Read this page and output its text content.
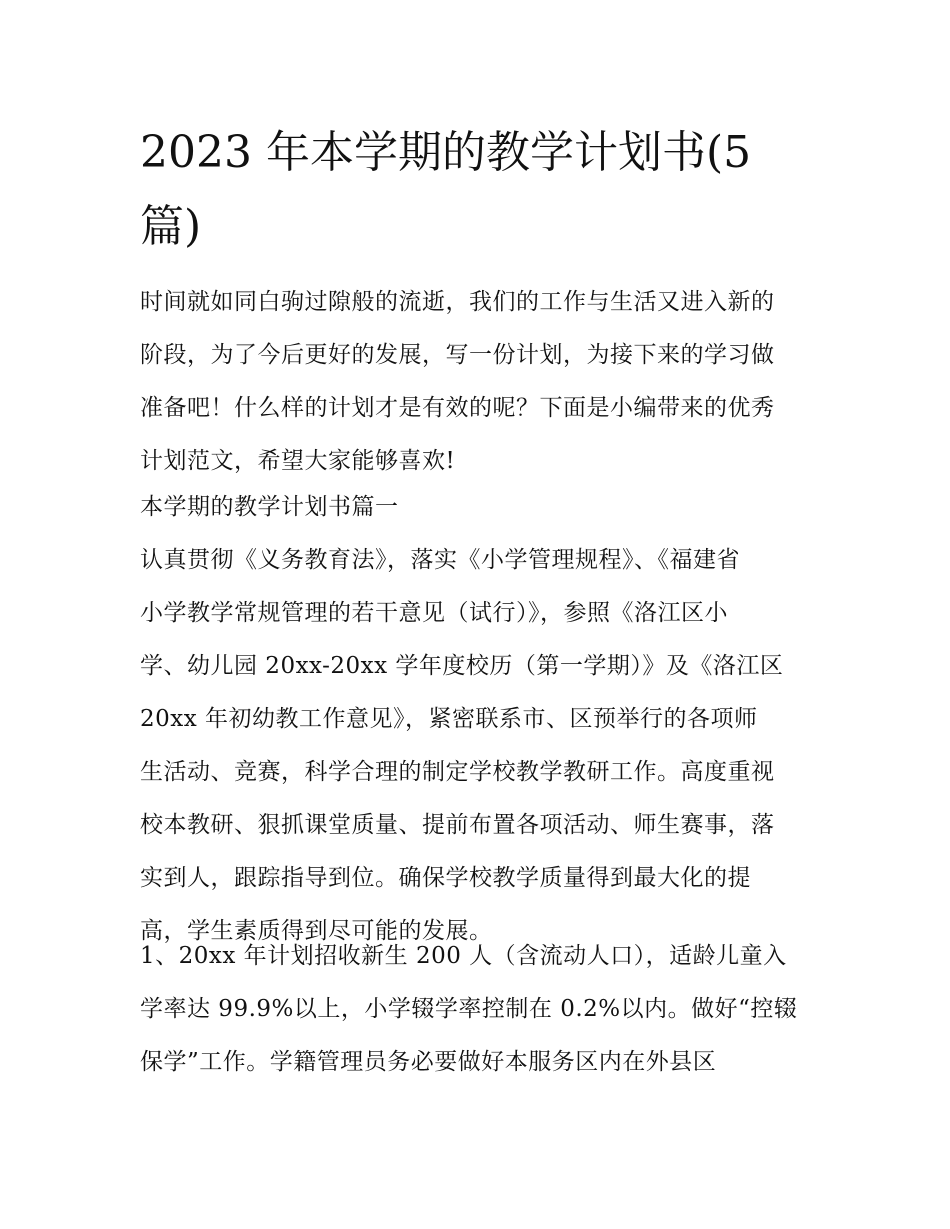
2023 年本学期的教学计划书(5
篇)
时间就如同白驹过隙般的流逝，我们的工作与生活又进入新的
阶段，为了今后更好的发展，写一份计划，为接下来的学习做
准备吧！什么样的计划才是有效的呢？下面是小编带来的优秀
计划范文，希望大家能够喜欢!
本学期的教学计划书篇一
认真贯彻《义务教育法》，落实《小学管理规程》、《福建省
小学教学常规管理的若干意见（试行）》，参照《洛江区小
学、幼儿园 20xx-20xx 学年度校历（第一学期）》及《洛江区
20xx 年初幼教工作意见》，紧密联系市、区预举行的各项师
生活动、竞赛，科学合理的制定学校教学教研工作。高度重视
校本教研、狠抓课堂质量、提前布置各项活动、师生赛事，落
实到人，跟踪指导到位。确保学校教学质量得到最大化的提
高，学生素质得到尽可能的发展。
1、20xx 年计划招收新生 200 人（含流动人口），适龄儿童入
学率达 99.9%以上，小学辍学率控制在 0.2%以内。做好“控辍
保学”工作。学籍管理员务必要做好本服务区内在外县区
